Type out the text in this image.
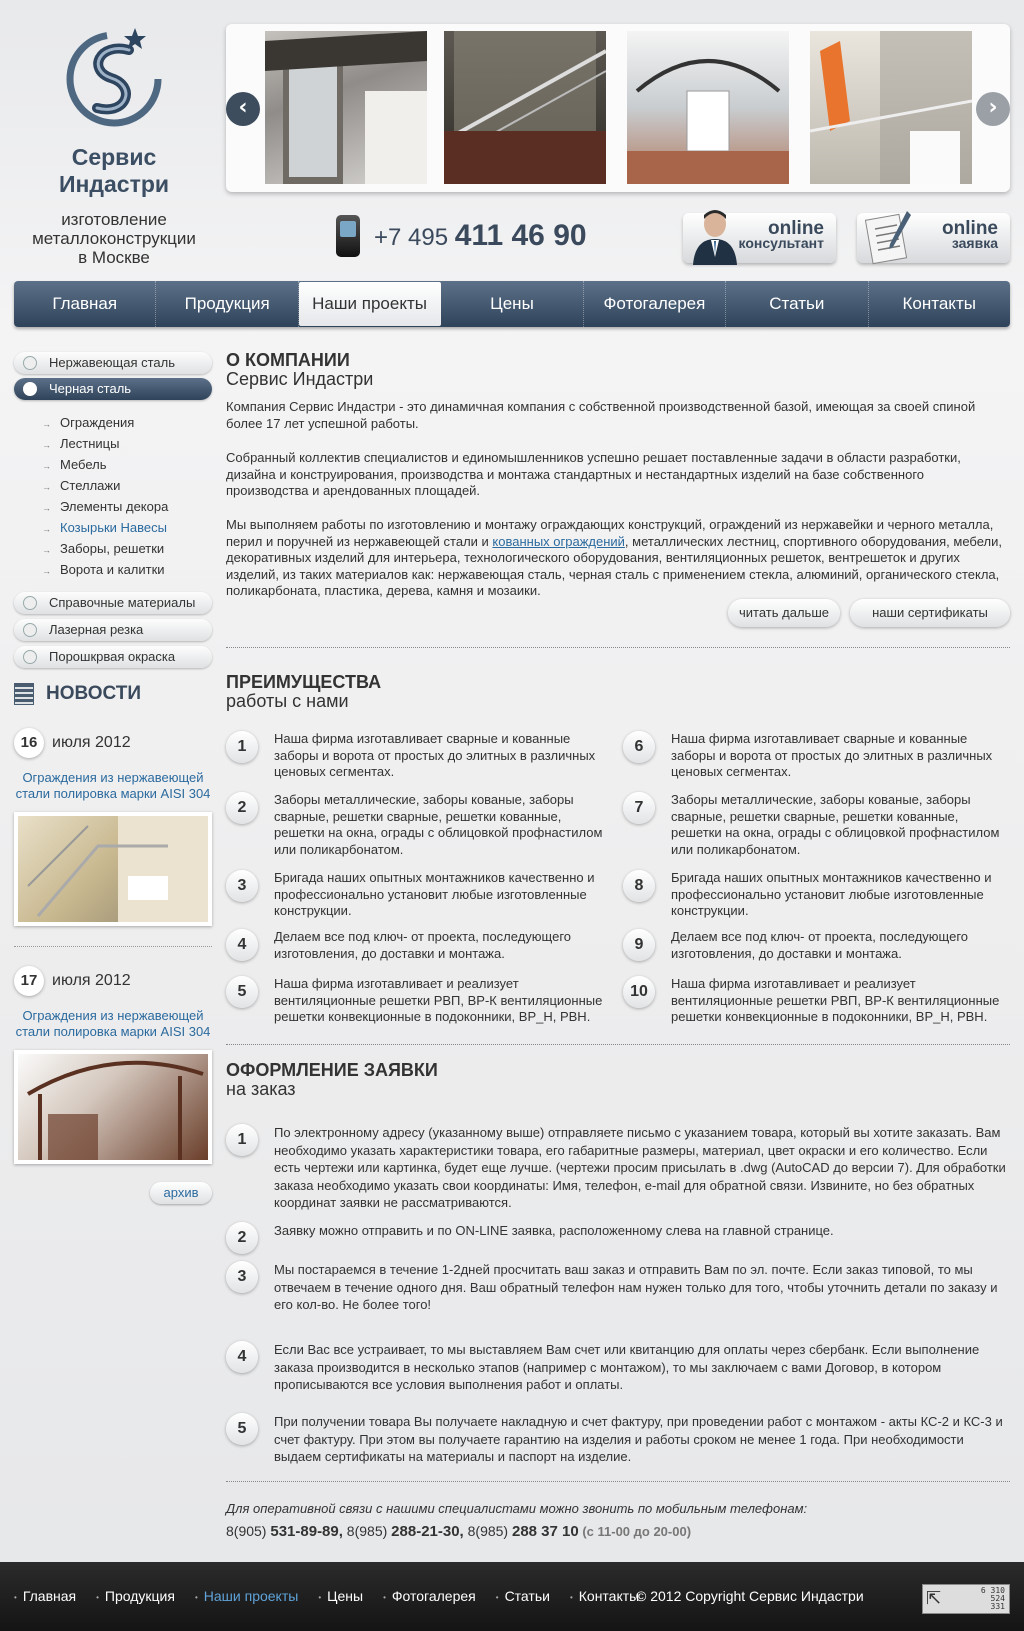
Сервис Индастри
изготовление
металлоконструкции
в Москве
‹	›
+7 495 411 46 90	online
консультант
online
заявка
Главная	Продукция	Наши проекты	Цены	Фотогалерея	Статьи	Контакты
Нержавеющая сталь
Черная сталь
→ Ограждения
→ Лестницы
→ Мебель
→ Стеллажи
→ Элементы декора
→ Козырьки Навесы
→ Заборы, решетки
→ Ворота и калитки
Справочные материалы
Лазерная резка
Порошкрвая окраска
НОВОСТИ
16 июля 2012
Ограждения из нержавеющей стали полировка марки AISI 304
17 июля 2012
Ограждения из нержавеющей стали полировка марки AISI 304
архив
О КОМПАНИИ
Сервис Индастри
Компания Сервис Индастри - это динамичная компания с собственной производственной базой, имеющая за своей спиной более 17 лет успешной работы.
Собранный коллектив специалистов и единомышленников успешно решает поставленные задачи в области разработки, дизайна и конструирования, производства и монтажа стандартных и нестандартных изделий на базе собственного производства и арендованных площадей.
Мы выполняем работы по изготовлению и монтажу ограждающих конструкций, ограждений из нержавейки и черного металла, перил и поручней из нержавеющей стали и кованных ограждений, металлических лестниц, спортивного оборудования, мебели, декоративных изделий для интерьера, технологического оборудования, вентиляционных решеток, вентрешеток и других изделий, из таких материалов как: нержавеющая сталь, черная сталь с применением стекла, алюминий, органического стекла, поликарбоната, пластика, дерева, камня и мозаики.
читать дальше	наши сертификаты
ПРЕИМУЩЕСТВА
работы с нами
1	Наша фирма изготавливает сварные и кованные заборы и ворота от простых до элитных в различных ценовых сегментах.
2	Заборы металлические, заборы кованые, заборы сварные, решетки сварные, решетки кованные, решетки на окна, ограды с облицовкой профнастилом или поликарбонатом.
3	Бригада наших опытных монтажников качественно и профессионально установит любые изготовленные конструкции.
4	Делаем все под ключ- от проекта, последующего изготовления, до доставки и монтажа.
5	Наша фирма изготавливает и реализует вентиляционные решетки РВП, ВР-К вентиляционные решетки конвекционные в подоконники, ВР_Н, РВН.
6	Наша фирма изготавливает сварные и кованные заборы и ворота от простых до элитных в различных ценовых сегментах.
7	Заборы металлические, заборы кованые, заборы сварные, решетки сварные, решетки кованные, решетки на окна, ограды с облицовкой профнастилом или поликарбонатом.
8	Бригада наших опытных монтажников качественно и профессионально установит любые изготовленные конструкции.
9	Делаем все под ключ- от проекта, последующего изготовления, до доставки и монтажа.
10	Наша фирма изготавливает и реализует вентиляционные решетки РВП, ВР-К вентиляционные решетки конвекционные в подоконники, ВР_Н, РВН.
ОФОРМЛЕНИЕ ЗАЯВКИ
на заказ
1	По электронному адресу (указанному выше) отправляете письмо с указанием товара, который вы хотите заказать. Вам необходимо указать характеристики товара, его габаритные размеры, материал, цвет окраски и его количество. Если есть чертежи или картинка, будет еще лучше. (чертежи просим присылать в .dwg (AutoCAD до версии 7). Для обработки заказа необходимо указать свои координаты: Имя, телефон, e-mail для обратной связи. Извините, но без обратных координат заявки не рассматриваются.
2	Заявку можно отправить и по ON-LINE заявка, расположенному слева на главной странице.
3	Мы постараемся в течение 1-2дней просчитать ваш заказ и отправить Вам по эл. почте. Если заказ типовой, то мы отвечаем в течение одного дня. Ваш обратный телефон нам нужен только для того, чтобы уточнить детали по заказу и его кол-во. Не более того!
4	Если Вас все устраивает, то мы выставляем Вам счет или квитанцию для оплаты через сбербанк. Если выполнение заказа производится в несколько этапов (например с монтажом), то мы заключаем с вами Договор, в котором прописываются все условия выполнения работ и оплаты.
5	При получении товара Вы получаете накладную и счет фактуру, при проведении работ с монтажом - акты КС-2 и КС-3 и счет фактуру. При этом вы получаете гарантию на изделия и работы сроком не менее 1 года. При необходимости выдаем сертификаты на материалы и паспорт на изделие.
Для оперативной связи с нашими специалистами можно звонить по мобильным телефонам:
8(905) 531-89-89, 8(985) 288-21-30, 8(985) 288 37 10 (с 11-00 до 20-00)
• Главная	• Продукция	• Наши проекты	• Цены	• Фотогалерея	• Статьи	• Контакты
© 2012 Copyright Сервис Индастри	⇱	6 310
524
331
